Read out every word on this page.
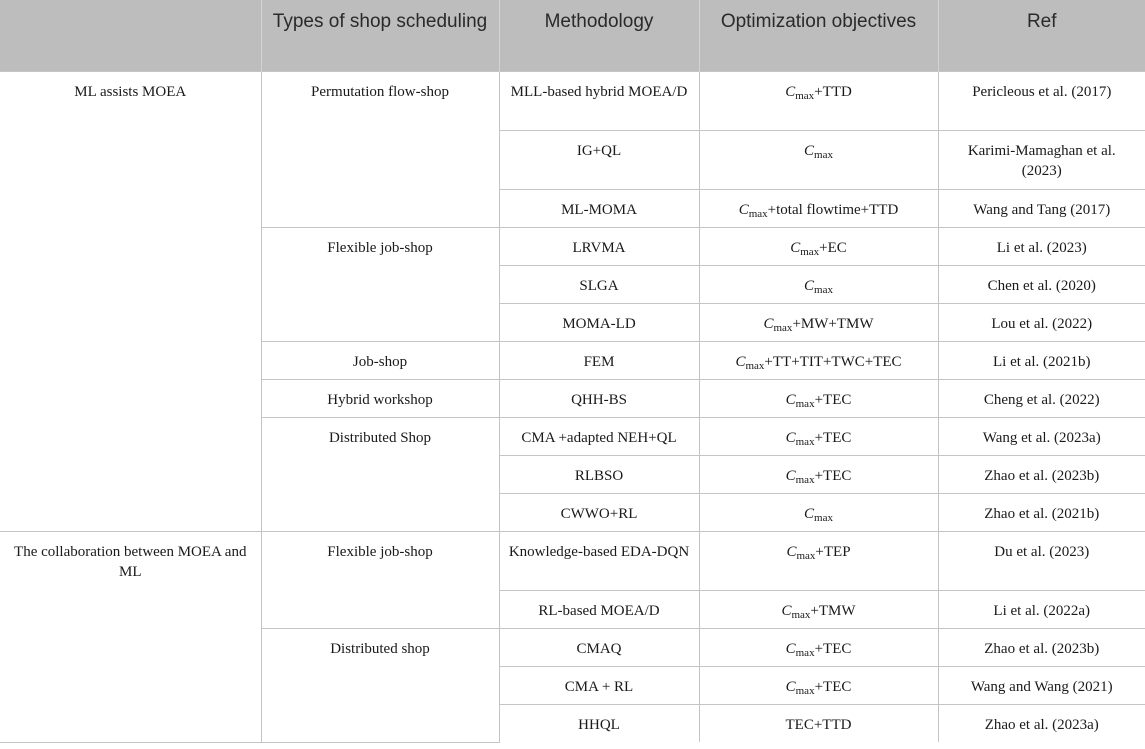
	Types of shop scheduling	Methodology	Optimization objectives	Ref
ML assists MOEA	Permutation flow-shop	MLL-based hybrid MOEA/D	$C_{max}+TTD$	Pericleous et al. (2017)
		IG+QL	$C_{max}$	Karimi-Mamaghan et al. (2023)
		ML-MOMA	$C_{max}+total$ flowtime+TTD	Wang and Tang (2017)
	Flexible job-shop	LRVMA	$C_{max}+EC$	Li et al. (2023)
		SLGA	$C_{max}$	Chen et al. (2020)
		MOMA-LD	$C_{max}+MW+TMW$	Lou et al. (2022)
	Job-shop	FEM	$C_{max}+TT+TIT+TWC+TEC$	Li et al. (2021b)
	Hybrid workshop	QHH-BS	$C_{max}+TEC$	Cheng et al. (2022)
	Distributed Shop	CMA +adapted NEH+QL	$C_{max}+TEC$	Wang et al. (2023a)
		RLBSO	$C_{max}+TEC$	Zhao et al. (2023b)
		CWWO+RL	$C_{max}$	Zhao et al. (2021b)
The collaboration between MOEA and ML	Flexible job-shop	Knowledge-based EDA-DQN	$C_{max}+TEP$	Du et al. (2023)
		RL-based MOEA/D	$C_{max}+TMW$	Li et al. (2022a)
	Distributed shop	CMAQ	$C_{max}+TEC$	Zhao et al. (2023b)
		CMA + RL	$C_{max}+TEC$	Wang and Wang (2021)
		HHQL	TEC+TTD	Zhao et al. (2023a)
